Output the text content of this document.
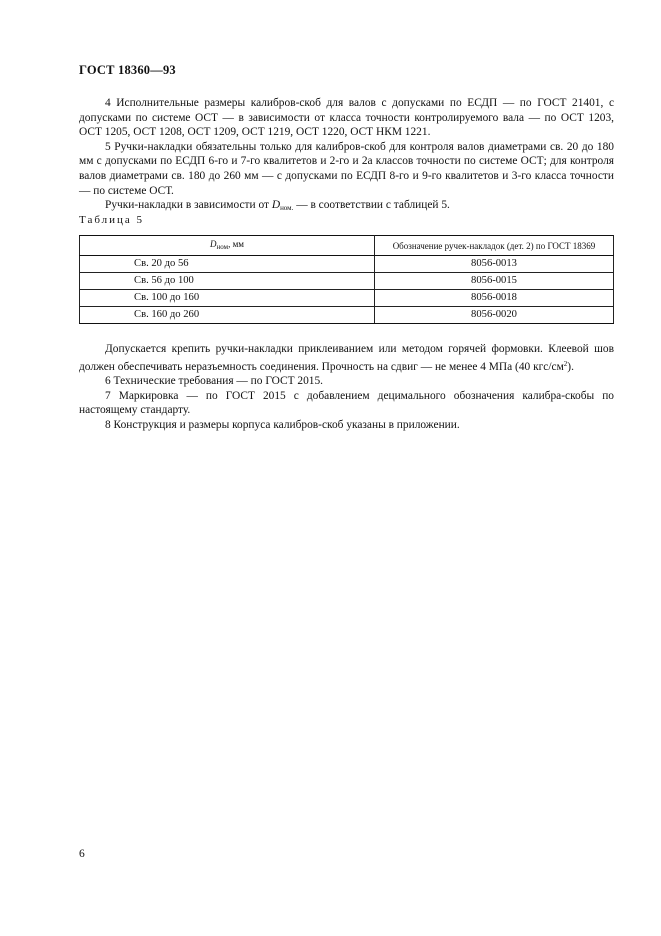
ГОСТ 18360—93

4 Исполнительные размеры калибров-скоб для валов с допусками по ЕСДП — по ГОСТ 21401, с допусками по системе ОСТ — в зависимости от класса точности контролируемого вала — по ОСТ 1203, ОСТ 1205, ОСТ 1208, ОСТ 1209, ОСТ 1219, ОСТ 1220, ОСТ НКМ 1221.

5 Ручки-накладки обязательны только для калибров-скоб для контроля валов диаметрами св. 20 до 180 мм с допусками по ЕСДП 6-го и 7-го квалитетов и 2-го и 2а классов точности по системе ОСТ; для контроля валов диаметрами св. 180 до 260 мм — с допусками по ЕСДП 8-го и 9-го квалитетов и 3-го класса точности — по системе ОСТ.

Ручки-накладки в зависимости от $D_{ном.}$ — в соответствии с таблицей 5.

Таблица 5
$D_{ном}$, мм	Обозначение ручек-накладок (дет. 2) по ГОСТ 18369
Св. 20 до 56	8056-0013
Св. 56 до 100	8056-0015
Св. 100 до 160	8056-0018
Св. 160 до 260	8056-0020

Допускается крепить ручки-накладки приклеиванием или методом горячей формовки. Клеевой шов должен обеспечивать неразъемность соединения. Прочность на сдвиг — не менее 4 МПа (40 кгс/$см^2$).

6 Технические требования — по ГОСТ 2015.

7 Маркировка — по ГОСТ 2015 с добавлением децимального обозначения калибра-скобы по настоящему стандарту.

8 Конструкция и размеры корпуса калибров-скоб указаны в приложении.

6
